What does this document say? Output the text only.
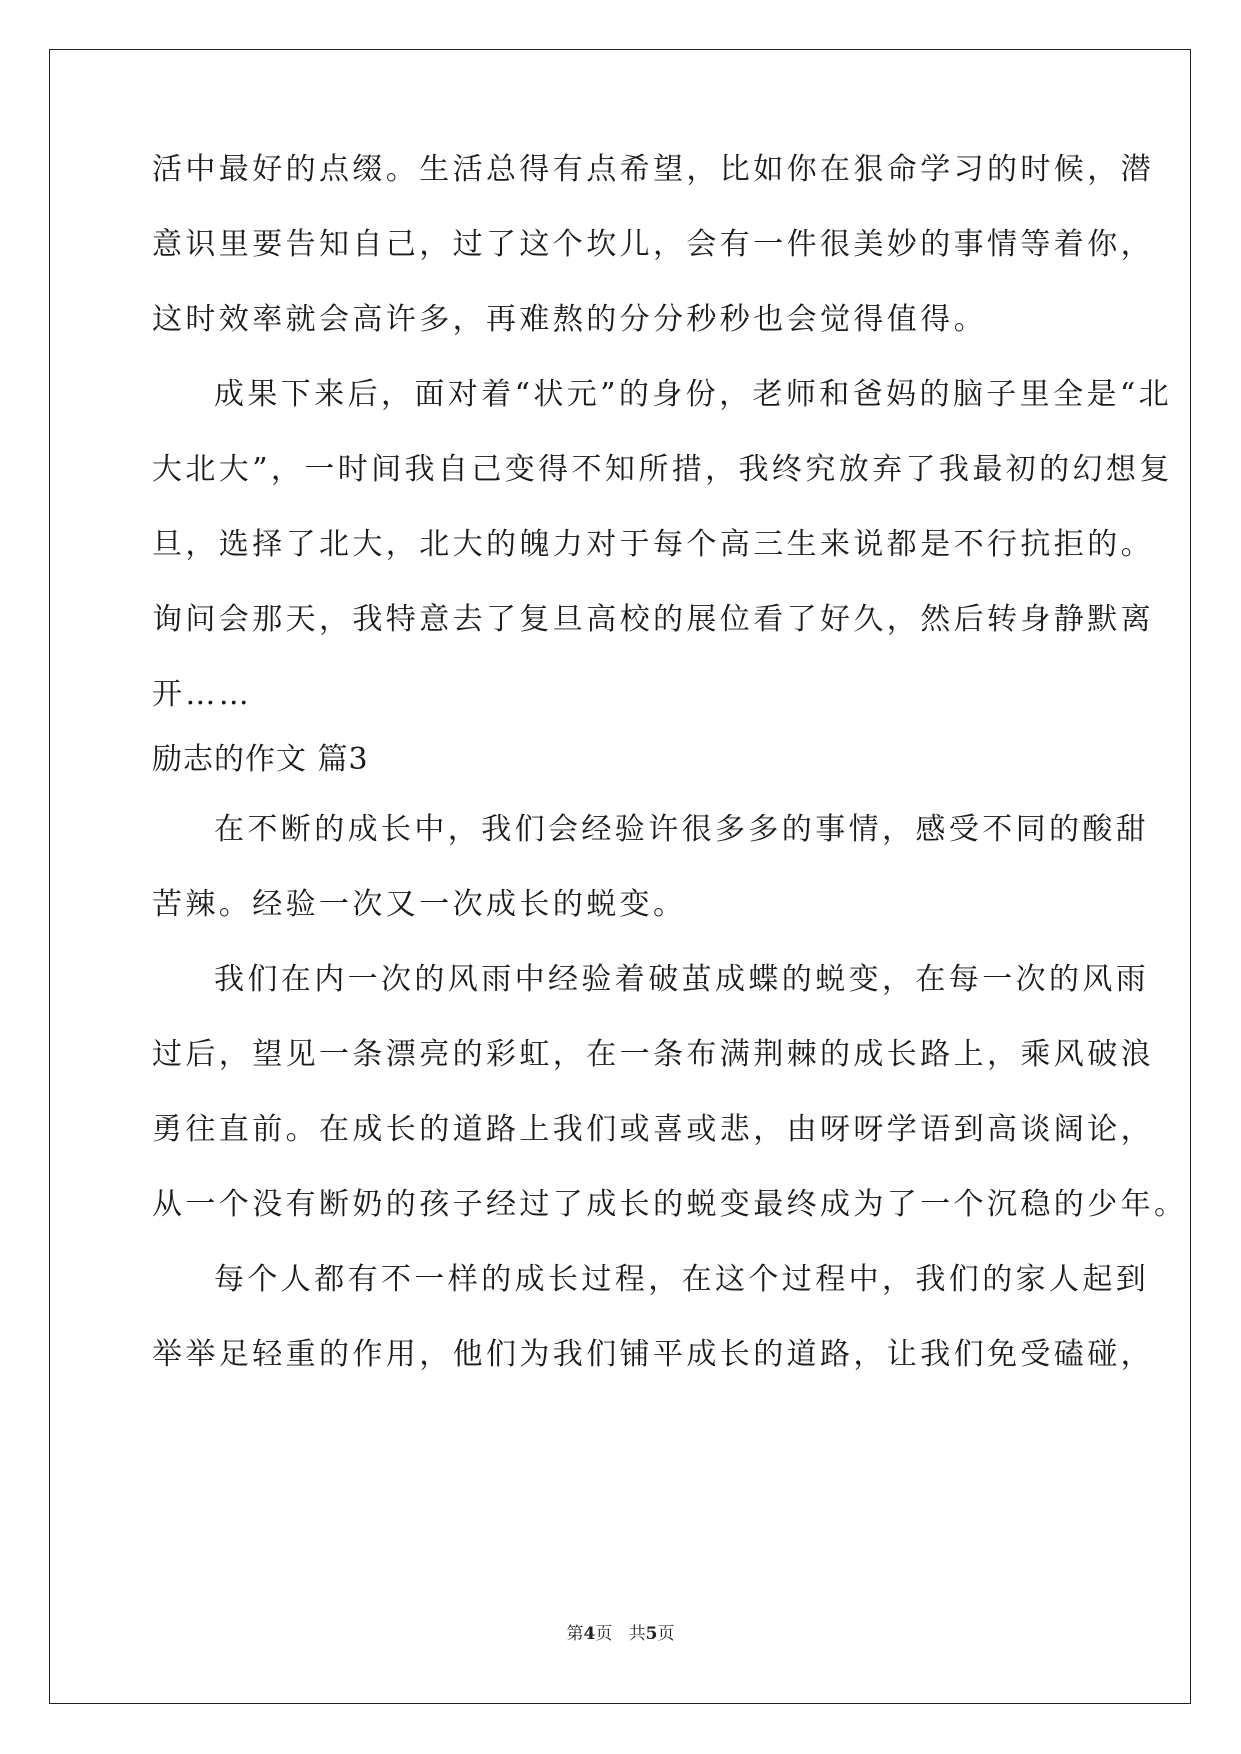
活中最好的点缀。生活总得有点希望，比如你在狠命学习的时候，潜
意识里要告知自己，过了这个坎儿，会有一件很美妙的事情等着你，
这时效率就会高许多，再难熬的分分秒秒也会觉得值得。
成果下来后，面对着“状元”的身份，老师和爸妈的脑子里全是“北
大北大”，一时间我自己变得不知所措，我终究放弃了我最初的幻想复
旦，选择了北大，北大的魄力对于每个高三生来说都是不行抗拒的。
询问会那天，我特意去了复旦高校的展位看了好久，然后转身静默离
开……
励志的作文 篇3
在不断的成长中，我们会经验许很多多的事情，感受不同的酸甜
苦辣。经验一次又一次成长的蜕变。
我们在内一次的风雨中经验着破茧成蝶的蜕变，在每一次的风雨
过后，望见一条漂亮的彩虹，在一条布满荆棘的成长路上，乘风破浪
勇往直前。在成长的道路上我们或喜或悲，由呀呀学语到高谈阔论，
从一个没有断奶的孩子经过了成长的蜕变最终成为了一个沉稳的少年。
每个人都有不一样的成长过程，在这个过程中，我们的家人起到
举举足轻重的作用，他们为我们铺平成长的道路，让我们免受磕碰，
第4页   共5页
